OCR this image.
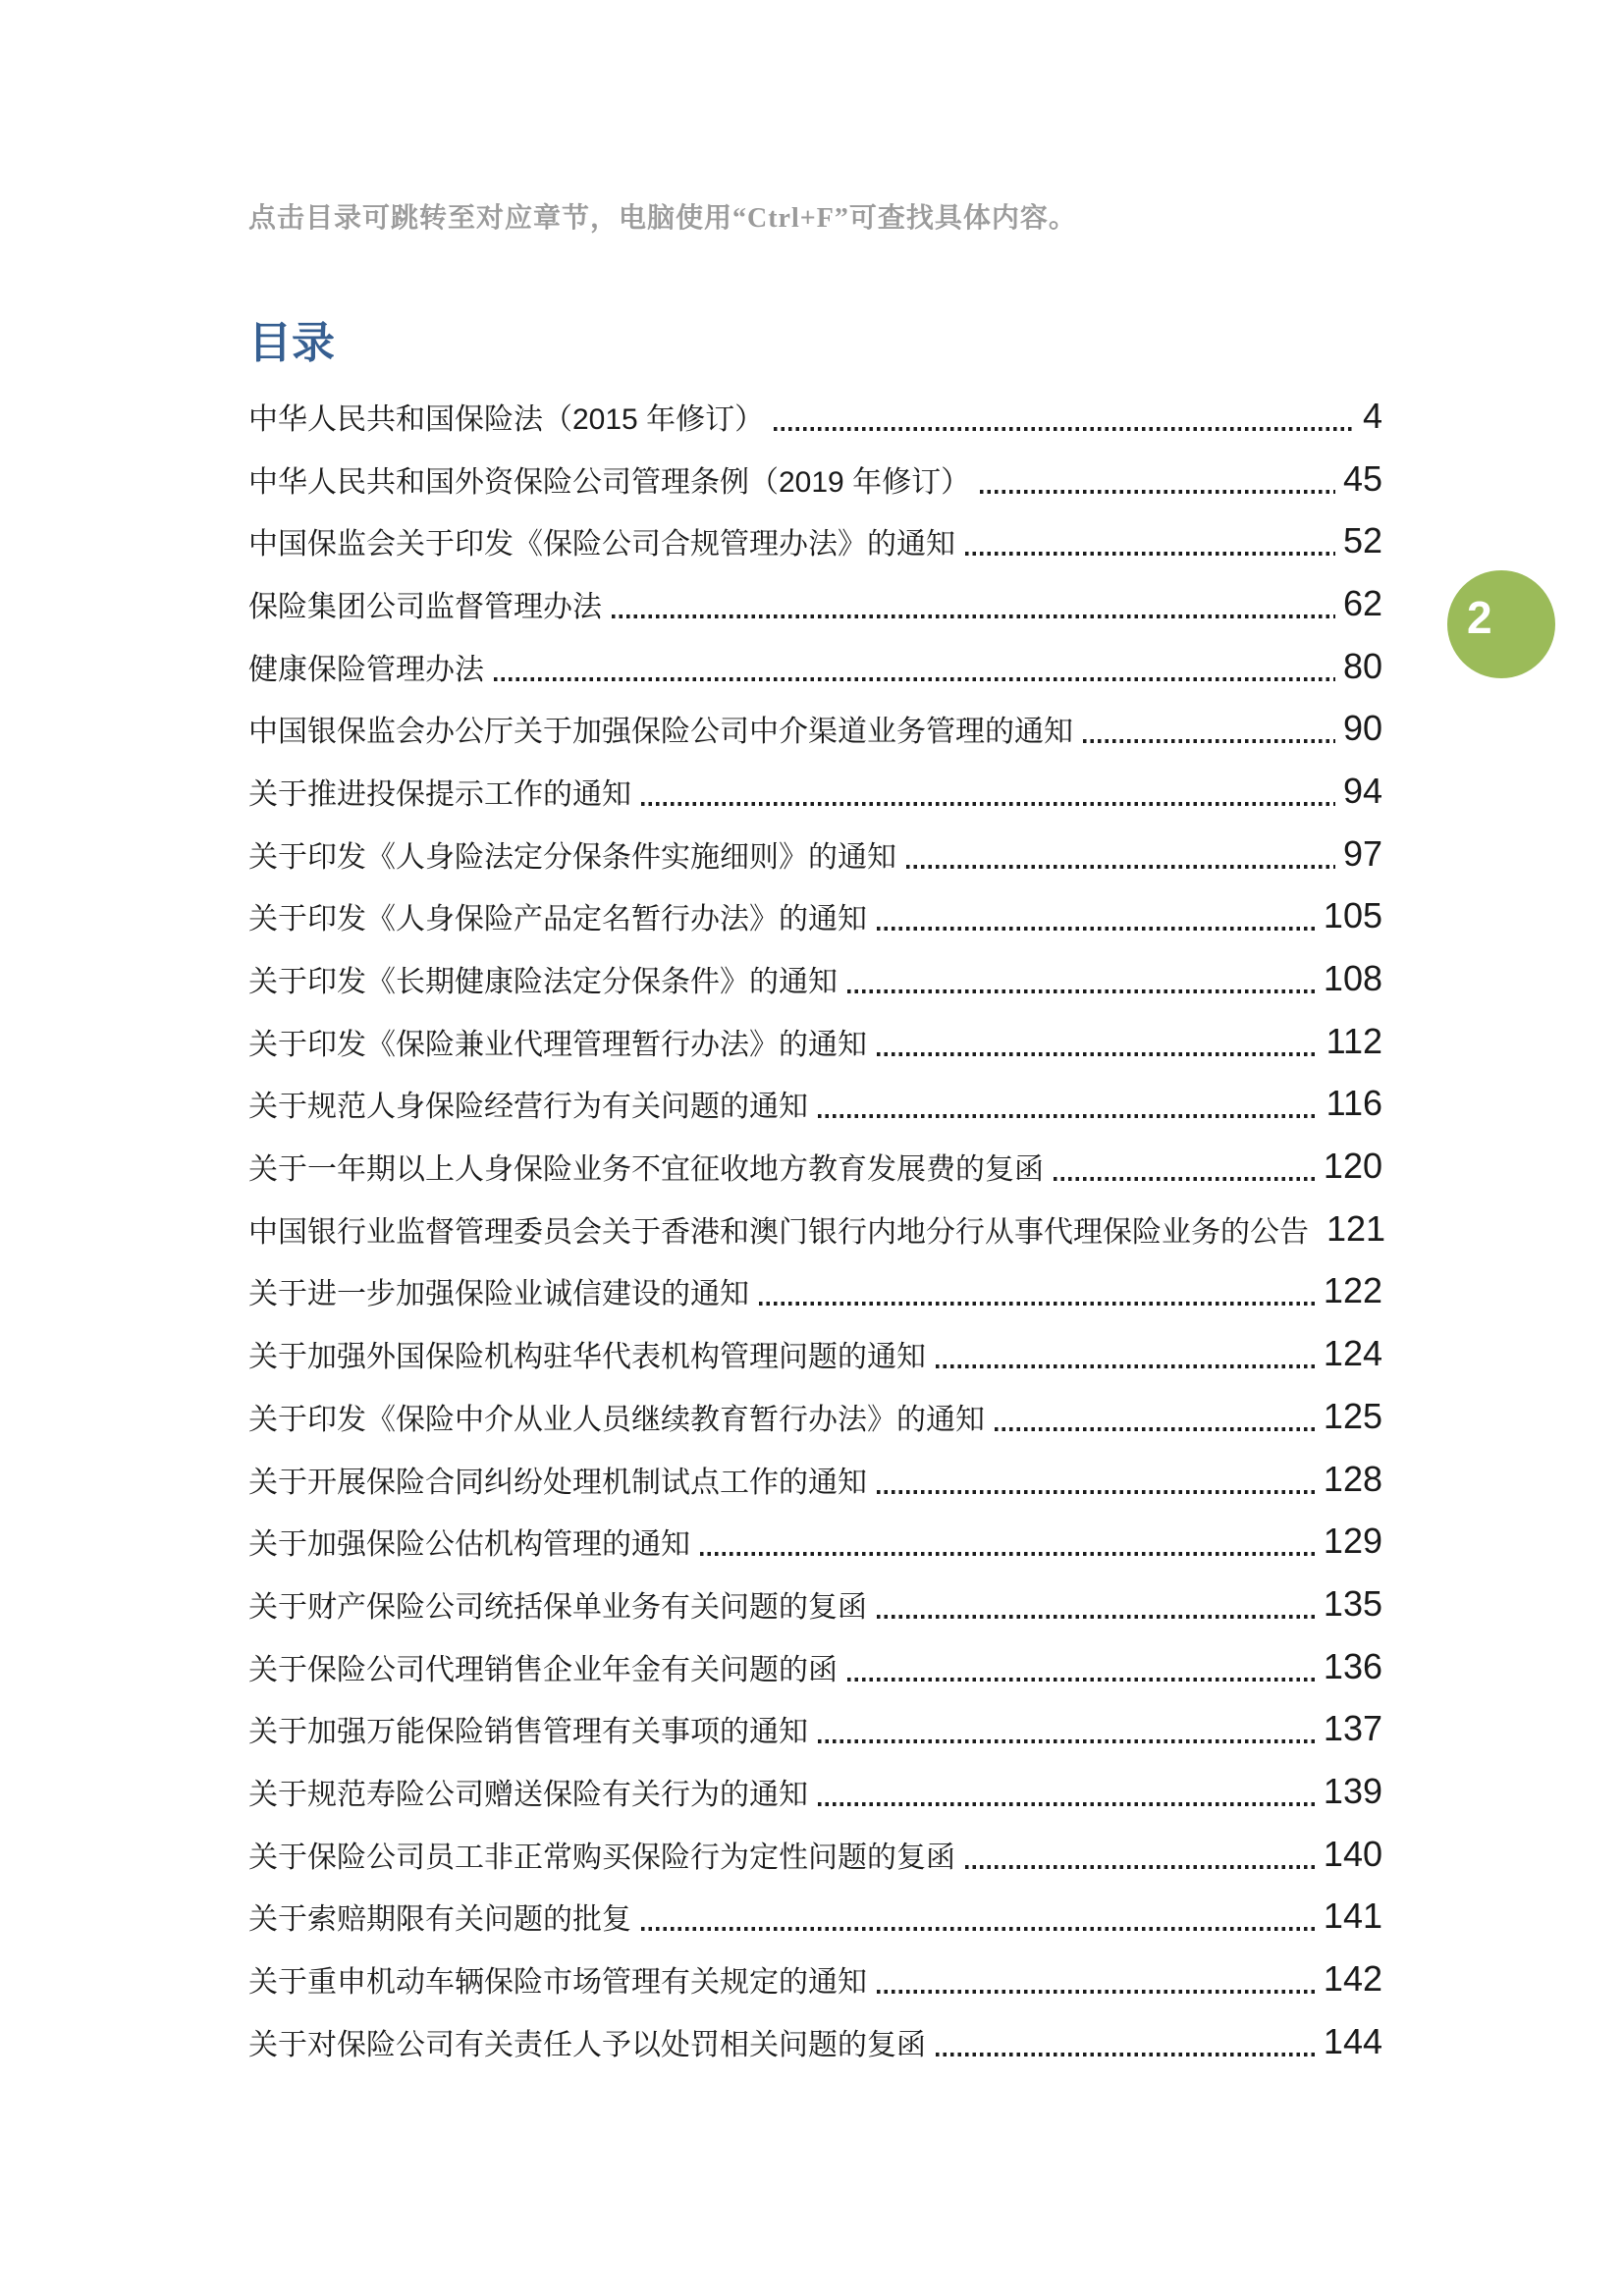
点击目录可跳转至对应章节，电脑使用“Ctrl+F”可查找具体内容。

目录
中华人民共和国保险法（2015 年修订）	4
中华人民共和国外资保险公司管理条例（2019 年修订）	45
中国保监会关于印发《保险公司合规管理办法》的通知	52
保险集团公司监督管理办法	62
健康保险管理办法	80
中国银保监会办公厅关于加强保险公司中介渠道业务管理的通知	90
关于推进投保提示工作的通知	94
关于印发《人身险法定分保条件实施细则》的通知	97
关于印发《人身保险产品定名暂行办法》的通知	105
关于印发《长期健康险法定分保条件》的通知	108
关于印发《保险兼业代理管理暂行办法》的通知	112
关于规范人身保险经营行为有关问题的通知	116
关于一年期以上人身保险业务不宜征收地方教育发展费的复函	120
中国银行业监督管理委员会关于香港和澳门银行内地分行从事代理保险业务的公告 121
关于进一步加强保险业诚信建设的通知	122
关于加强外国保险机构驻华代表机构管理问题的通知	124
关于印发《保险中介从业人员继续教育暂行办法》的通知	125
关于开展保险合同纠纷处理机制试点工作的通知	128
关于加强保险公估机构管理的通知	129
关于财产保险公司统括保单业务有关问题的复函	135
关于保险公司代理销售企业年金有关问题的函	136
关于加强万能保险销售管理有关事项的通知	137
关于规范寿险公司赠送保险有关行为的通知	139
关于保险公司员工非正常购买保险行为定性问题的复函	140
关于索赔期限有关问题的批复	141
关于重申机动车辆保险市场管理有关规定的通知	142
关于对保险公司有关责任人予以处罚相关问题的复函	144
2
